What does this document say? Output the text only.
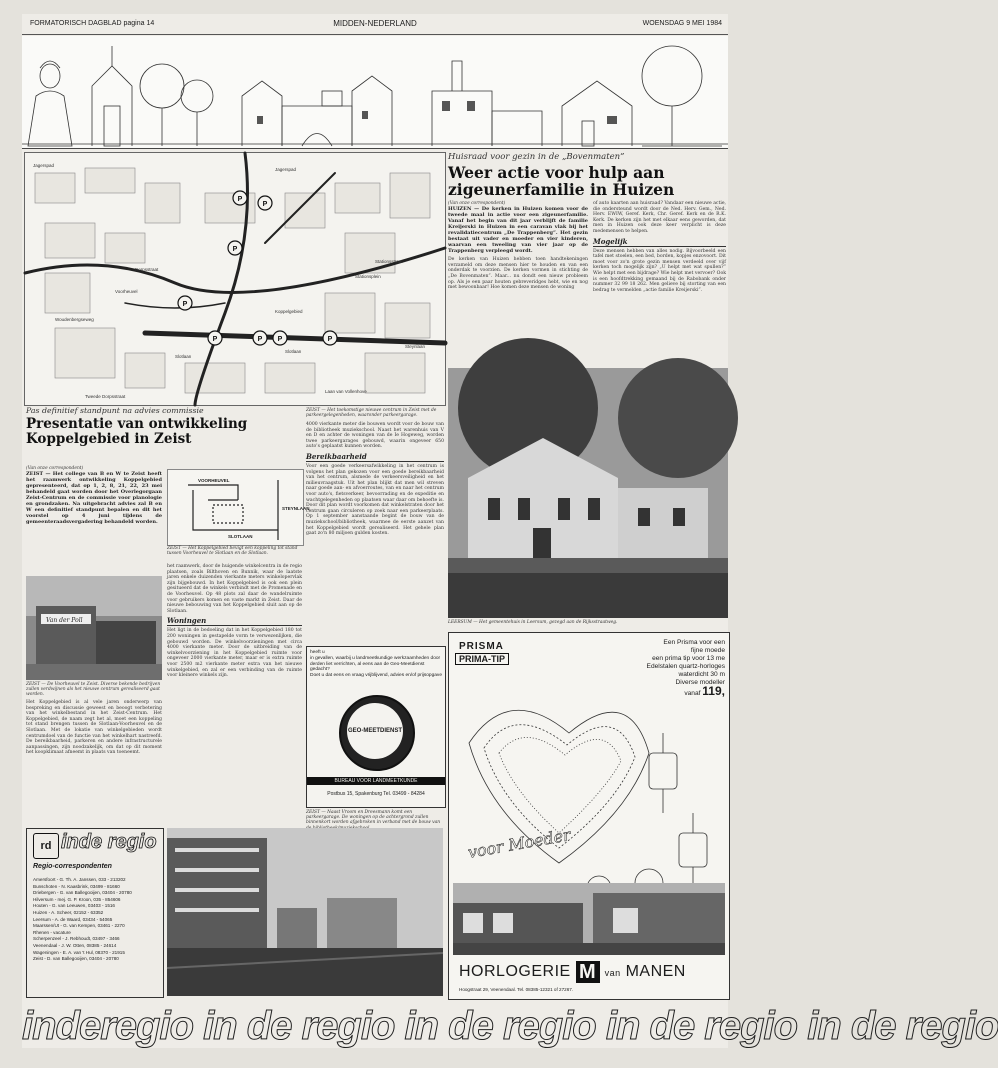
FORMATORISCH DAGBLAD pagina 14	MIDDEN-NEDERLAND	WOENSDAG 9 MEI 1984
P
P
P
P	P P	P
P
Jagerspad
Jagerspad
Stationsplein
Stationsstraat
Woudenbergseweg
Dorpsstraat
Slotlaan
Voorheuvel
Koppelgebied
Slotlaan
Steynlaan
Tweede Dorpsstraat
Laan van Vollenhove
Huisraad voor gezin in de „Bovenmaten”
Weer actie voor hulp aan zigeunerfamilie in Huizen
(Van onze correspondent)
HUIZEN — De kerken in Huizen komen voor de tweede maal in actie voor een zigeunerfamilie. Vanaf het begin van dit jaar verblijft de familie Kreijerski in Huizen in een caravan vlak bij het revalidatiecentrum „De Trappenberg”. Het gezin bestaat uit vader en moeder en vier kinderen, waarvan een tweeling van vier jaar op de Trappenberg verpleegd wordt.
De kerken van Huizen hebben toen handtekeningen verzameld om deze mensen hier te houden en van een onderdak te voorzien. De kerken vormen in stichting de „De Bovenmaten”. Maar... nu dondt een nieuw probleem op. Als je een paar houten gebreveridges hebt, wie en nog met bewoonbaar! Hoe komen deze mensen de woning
of auto kaarten aan huisraad? Vandaar een nieuwe actie, die ondersteund wordt door de Ned. Herv. Gem., Ned. Herv. EWIW, Geref. Kerk, Chr. Geref. Kerk en de R.K. Kerk. De kerken zijn het met elkaar eens geworden, dat men in Huizen ook deze keer verplicht is deze medemensen te helpen.
Mogelijk
Deze mensen hebben van alles nodig. Bijvoorbeeld een tafel met stoelen, een bed, borden, kopjes enzovoort. Dit moet voor zo'n grote gezin mensen verdeeld over vijf kerken toch mogelijk zijn? „U helpt met wat spullen?” Wie helpt met een bijdrage? Wie helpt met vervoer? Ook is een hoofdtrekking gemaand bij de Rabobank onder nummer 32 99 18 262. Men gelieve bij storting van een bedrag te vermelden „actie familie Kreijerski”.
ZEIST — Het toekomstige nieuwe centrum in Zeist met de parkeergelegenheden, waaronder parkeergarage.
Pas definitief standpunt na advies commissie
Presentatie van ontwikkeling Koppelgebied in Zeist
(Van onze correspondent)
ZEIST — Het college van B en W te Zeist heeft het raamwerk ontwikkeling Koppelgebied gepresenteerd, dat op 1, 2, 8, 21, 22, 23 mei behandeld gaat worden door het Overlegorgaan Zeist-Centrum en de commissie voor planologie en grondzaken. Na uitgebracht advies zal B en W een definitief standpunt bepalen en dit het voorstel op 4 juni tijdens de gemeenteraadsvergadering behandeld worden.
VOORHEUVEL
SLOTLAAN
STEYNLAAN
ZEIST — Het Koppelgebied bevigt een koppeling tot stand tussen Voorheuvel te Slotlaan en de Slotlaan.
Van der Poll
ZEIST — De Voorheuvel te Zeist. Diverse bekende bedrijven zullen verdwijnen als het nieuwe centrum gerealiseerd gaat worden.
Het Koppelgebied is al vele jaren onderwerp van bespreking en discussie geweest en beoogt verbetering van het winkelbestand in het Zeist-Centrum. Het Koppelgebied, de naam zegt het al, moet een koppeling tot stand brengen tussen de Slotlaan-Voorheuvel en de Slotlaan. Met de lokatie van winkelgebieden wordt centrumdoel van de functie van het winkelhart nastreefd. De bereikbaarheid, parkeren en andere infrastructurele aanpassingen, zijn noodzakelijk, om dat op dit moment het koopklimaat afneemt in plaats van toeneemt.
het raamwerk, door de huigende winkelcentra in de regio plaatsen, zoals Bilthoven en Bunnik, waar de laatste jaren enkele duizenden vierkante meters winkelopervlak zijn bijgebouwd. In het Koppelgebied is ook een plein gesitueerd dat de winkels verbindt met de Promenade en de Voorheuvel. Op 48 plots zal daar de wandelruimte voor gebruikers komen en vaste markt in Zeist. Daar de nieuwe bebouwing van het Koppelgebied sluit aan op de Slotlaan.
Woningen
Het ligt in de bedoeling dat in het Koppelgebied 180 tot 200 woningen in gestapelde vorm te verwezenlijken, die gebouwd worden. De winkelvoorzieningen met circa 4000 vierkante meter. Door de uitbreiding van de winkelvoorziening in het Koppelgebied ruimte voor ongeveer 2000 vierkante meter, maar er is extra ruimte voor 2500 m2 vierkante meter extra van het nieuwe winkelgebied, en zal er een verbinding van de ruimte voor kleinere winkels zijn.
4000 vierkante meter die bouwen wordt voor de bouw van de bibliotheek muziekschool. Naast het warenhuis van V en D en achter de woningen van de Ie Hogeweg, worden twee parkeergarages gebouwd, waarin ongeveer 650 auto's geplaatst kunnen worden.
Bereikbaarheid
Voor een goede verkeersafwikkeling in het centrum is volgens het plan gekozen voor een goede bereikbaarheid van het centrum, alsmede de verkeersveiligheid en het milieuvraagstuk. Uit het plan blijkt dat men wil streven naar goede aan- en afvoerroutes, van en naar het centrum voor auto's, fietsverkeer, bevoorrading en de expeditie en wachtgelegenheden op plaatsen waar daar om behoefte is. Door dit plan wordt voorkomen dat winkelstraten door het centrum gaan circuleren op zoek naar een parkeerplaats. Op 1 september aanstaande begint de bouw van de muziekschool/bibliotheek, waarmee de eerste aanzet van het Koppelgebied wordt gerealiseerd. Het gehele plan gaat zo'n 80 miljoen gulden kosten.
LEERSUM — Het gemeentehuis in Leersum, gezegd aan de Rijksstraatweg.
heeft u
in gevallen, waarbij u landmeetkundige werkzaamheden door derden liet verrichten, al eens aan de Geo-Meetdienst gedacht?
Doet u dat eens en vraag vrijblijvend, advies en/of prijsopgave
GEO-MEETDIENST
BUREAU VOOR LANDMEETKUNDE
Postbus 15, Spakenburg Tel. 03499 - 84284
ZEIST — Naast Vroom en Dreesmann komt een parkeergarage. De woningen op de achtergrond zullen binnenkort worden afgebroken in verband met de bouw van
PRISMA
PRIMA-TIP
Een Prisma voor een
fijne moede
een prima tip voor 13 me
Edelstalen quartz-horloges
waterdicht 30 m
Diverse modeller
vanaf 119,
voor Moeder
HORLOGERIE M van MANEN
Hoogstraat 29, Veenendaal. Tel. 08385-12321 of 27267.
rd inde regio
Regio-correspondenten
Amersfoort - G. Th. A. Janssen, 033 - 213202
Bunschoten - N. Kaasbrink, 03499 - 81660
Driebergen - G. van Ballegooijen, 03404 - 20780
Hilversum - mej. G. P. Kroon, 035 - 854606
Houten - G. van Leeuwen, 03403 - 1516
Huizen - A. Scheer, 02152 - 63352
Leersum - A. de Waard, 03434 - 54065
Maarssen/Ut - G. van Kempen, 03461 - 2270
Rhenen - vacature
Scherpenzeel - J. Rebhoudt, 03497 - 3466
Veenendaal - J. W. Otten, 08385 - 24614
Wageningen - E. A. van 't Hul, 08370 - 21915
Zeist - D. van Ballegooijen, 03404 - 20780
inderegio in de regio in de regio in de regio in de regio
